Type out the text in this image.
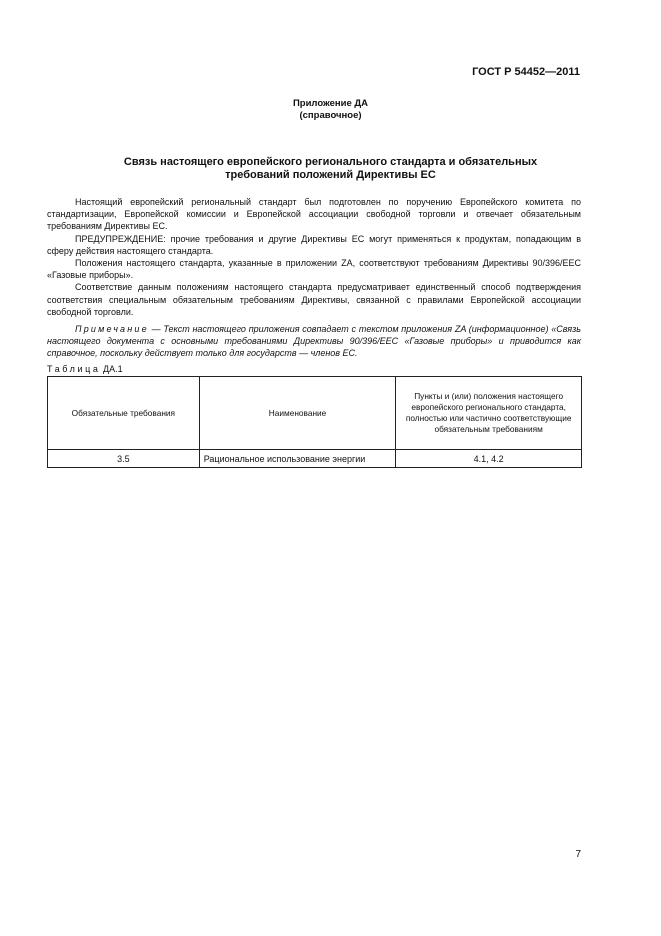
ГОСТ Р 54452—2011
Приложение ДА
(справочное)
Связь настоящего европейского регионального стандарта и обязательных
требований положений Директивы ЕС

Настоящий европейский региональный стандарт был подготовлен по поручению Европейского комитета по стандартизации, Европейской комиссии и Европейской ассоциации свободной торговли и отвечает обязательным требованиям Директивы ЕС.

ПРЕДУПРЕЖДЕНИЕ: прочие требования и другие Директивы ЕС могут применяться к продуктам, попадающим в сферу действия настоящего стандарта.

Положения настоящего стандарта, указанные в приложении ZA, соответствуют требованиям Директивы 90/396/EEC «Газовые приборы».

Соответствие данным положениям настоящего стандарта предусматривает единственный способ подтверждения соответствия специальным обязательным требованиям Директивы, связанной с правилами Европейской ассоциации свободной торговли.

Примечание — Текст настоящего приложения совпадает с текстом приложения ZA (информационное) «Связь настоящего документа с основными требованиями Директивы 90/396/EEC «Газовые приборы» и приводится как справочное, поскольку действует только для государств — членов ЕС.

Таблица ДА.1
Обязательные требования	Наименование	Пункты и (или) положения настоящего европейского регионального стандарта, полностью или частично соответствующие обязательным требованиям
3.5	Рациональное использование энергии	4.1, 4.2
7
